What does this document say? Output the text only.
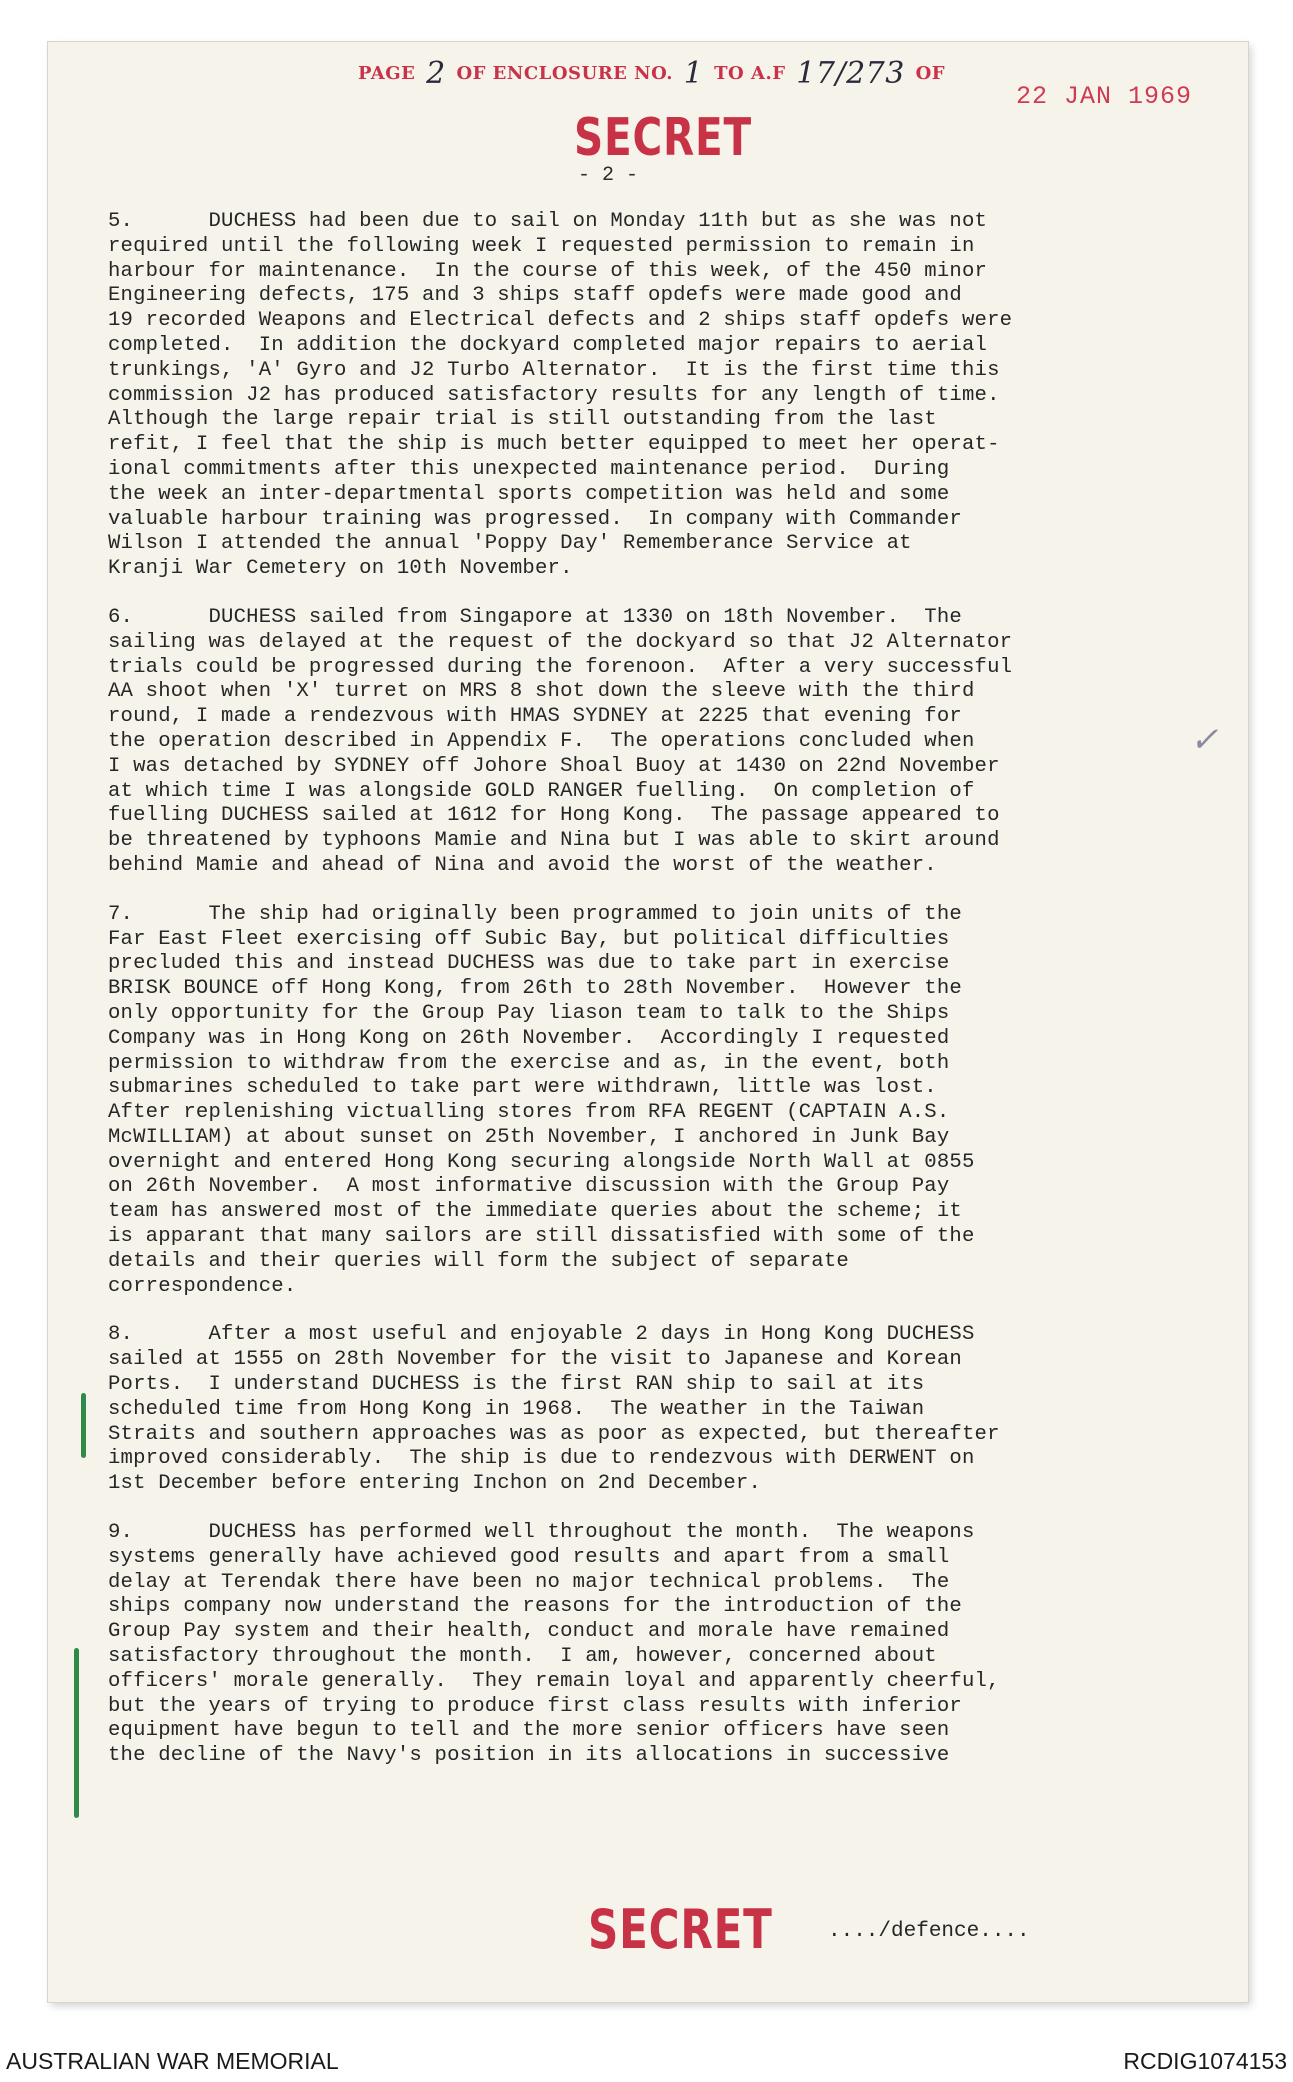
PAGE 2 OF ENCLOSURE NO. 1 TO A.F 17/273 OF
22 JAN 1969
SECRET
- 2 -
5.      DUCHESS had been due to sail on Monday 11th but as she was not
required until the following week I requested permission to remain in
harbour for maintenance.  In the course of this week, of the 450 minor
Engineering defects, 175 and 3 ships staff opdefs were made good and
19 recorded Weapons and Electrical defects and 2 ships staff opdefs were
completed.  In addition the dockyard completed major repairs to aerial
trunkings, 'A' Gyro and J2 Turbo Alternator.  It is the first time this
commission J2 has produced satisfactory results for any length of time.
Although the large repair trial is still outstanding from the last
refit, I feel that the ship is much better equipped to meet her operat-
ional commitments after this unexpected maintenance period.  During
the week an inter-departmental sports competition was held and some
valuable harbour training was progressed.  In company with Commander
Wilson I attended the annual 'Poppy Day' Rememberance Service at
Kranji War Cemetery on 10th November.
6.      DUCHESS sailed from Singapore at 1330 on 18th November.  The
sailing was delayed at the request of the dockyard so that J2 Alternator
trials could be progressed during the forenoon.  After a very successful
AA shoot when 'X' turret on MRS 8 shot down the sleeve with the third
round, I made a rendezvous with HMAS SYDNEY at 2225 that evening for
the operation described in Appendix F.  The operations concluded when
I was detached by SYDNEY off Johore Shoal Buoy at 1430 on 22nd November
at which time I was alongside GOLD RANGER fuelling.  On completion of
fuelling DUCHESS sailed at 1612 for Hong Kong.  The passage appeared to
be threatened by typhoons Mamie and Nina but I was able to skirt around
behind Mamie and ahead of Nina and avoid the worst of the weather.
7.      The ship had originally been programmed to join units of the
Far East Fleet exercising off Subic Bay, but political difficulties
precluded this and instead DUCHESS was due to take part in exercise
BRISK BOUNCE off Hong Kong, from 26th to 28th November.  However the
only opportunity for the Group Pay liason team to talk to the Ships
Company was in Hong Kong on 26th November.  Accordingly I requested
permission to withdraw from the exercise and as, in the event, both
submarines scheduled to take part were withdrawn, little was lost.
After replenishing victualling stores from RFA REGENT (CAPTAIN A.S.
McWILLIAM) at about sunset on 25th November, I anchored in Junk Bay
overnight and entered Hong Kong securing alongside North Wall at 0855
on 26th November.  A most informative discussion with the Group Pay
team has answered most of the immediate queries about the scheme; it
is apparant that many sailors are still dissatisfied with some of the
details and their queries will form the subject of separate
correspondence.
8.      After a most useful and enjoyable 2 days in Hong Kong DUCHESS
sailed at 1555 on 28th November for the visit to Japanese and Korean
Ports.  I understand DUCHESS is the first RAN ship to sail at its
scheduled time from Hong Kong in 1968.  The weather in the Taiwan
Straits and southern approaches was as poor as expected, but thereafter
improved considerably.  The ship is due to rendezvous with DERWENT on
1st December before entering Inchon on 2nd December.
9.      DUCHESS has performed well throughout the month.  The weapons
systems generally have achieved good results and apart from a small
delay at Terendak there have been no major technical problems.  The
ships company now understand the reasons for the introduction of the
Group Pay system and their health, conduct and morale have remained
satisfactory throughout the month.  I am, however, concerned about
officers' morale generally.  They remain loyal and apparently cheerful,
but the years of trying to produce first class results with inferior
equipment have begun to tell and the more senior officers have seen
the decline of the Navy's position in its allocations in successive
✓
SECRET	..../defence....
AUSTRALIAN WAR MEMORIAL	RCDIG1074153
